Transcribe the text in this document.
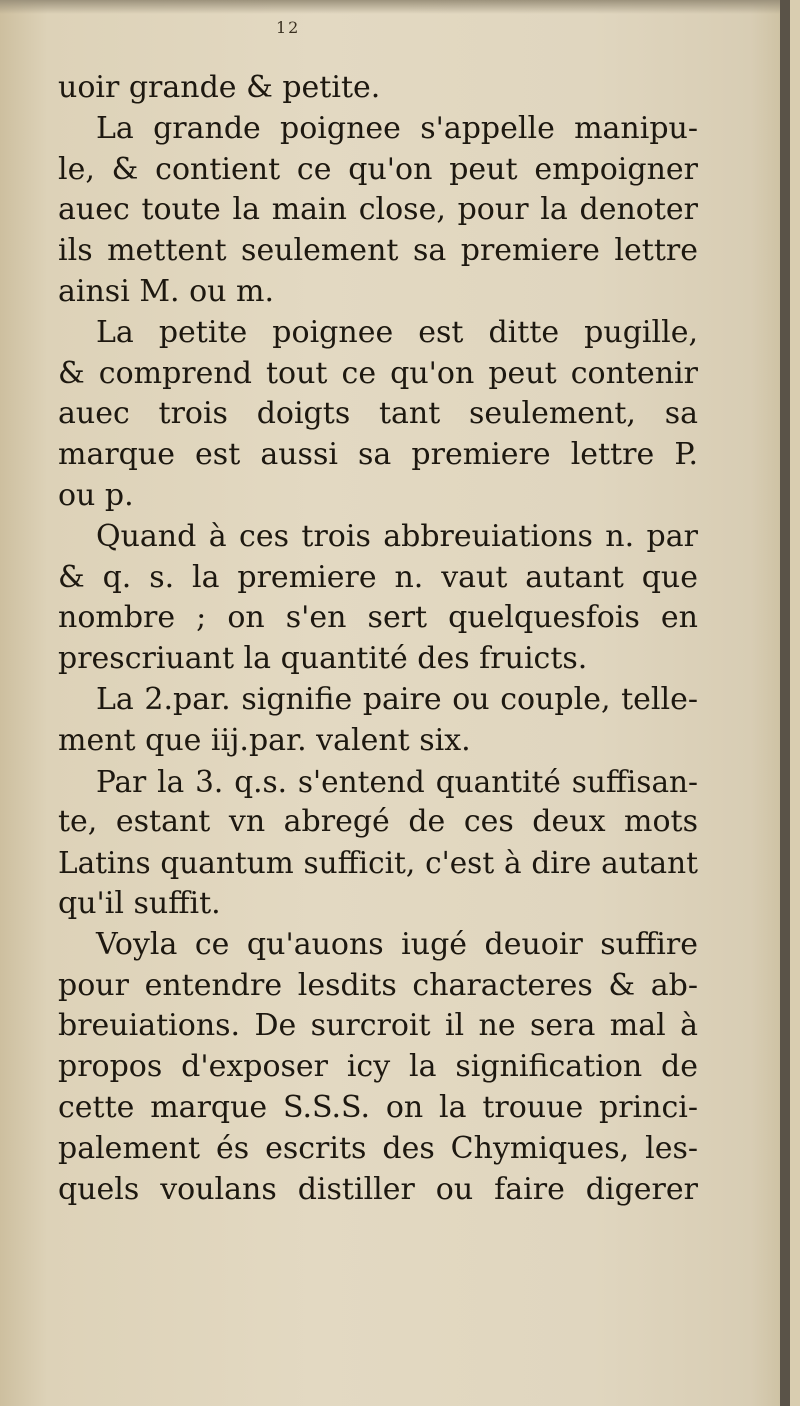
12
uoir grande & petite.
La grande poignee s'appelle manipu-
le, & contient ce qu'on peut empoigner
auec toute la main close, pour la denoter
ils mettent seulement sa premiere lettre
ainsi M. ou m.
La petite poignee est ditte pugille,
& comprend tout ce qu'on peut contenir
auec trois doigts tant seulement, sa
marque est aussi sa premiere lettre P.
ou p.
Quand à ces trois abbreuiations n. par
& q. s. la premiere n. vaut autant que
nombre ; on s'en sert quelquesfois en
prescriuant la quantité des fruicts.
La 2.par. signifie paire ou couple, telle-
ment que iij.par. valent six.
Par la 3. q.s. s'entend quantité suffisan-
te, estant vn abregé de ces deux mots
Latins quantum sufficit, c'est à dire autant
qu'il suffit.
Voyla ce qu'auons iugé deuoir suffire
pour entendre lesdits characteres & ab-
breuiations. De surcroit il ne sera mal à
propos d'exposer icy la signification de
cette marque S.S.S. on la trouue princi-
palement és escrits des Chymiques, les-
quels voulans distiller ou faire digerer
